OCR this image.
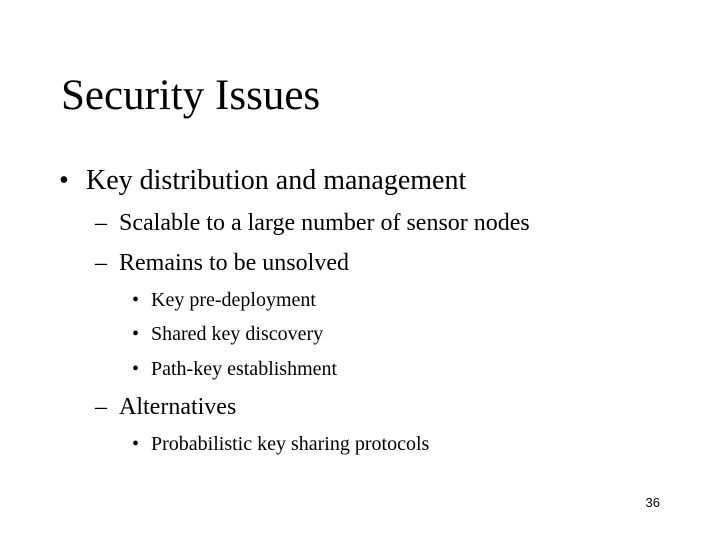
Security Issues
• Key distribution and management
– Scalable to a large number of sensor nodes
– Remains to be unsolved
• Key pre-deployment
• Shared key discovery
• Path-key establishment
– Alternatives
• Probabilistic key sharing protocols
36
